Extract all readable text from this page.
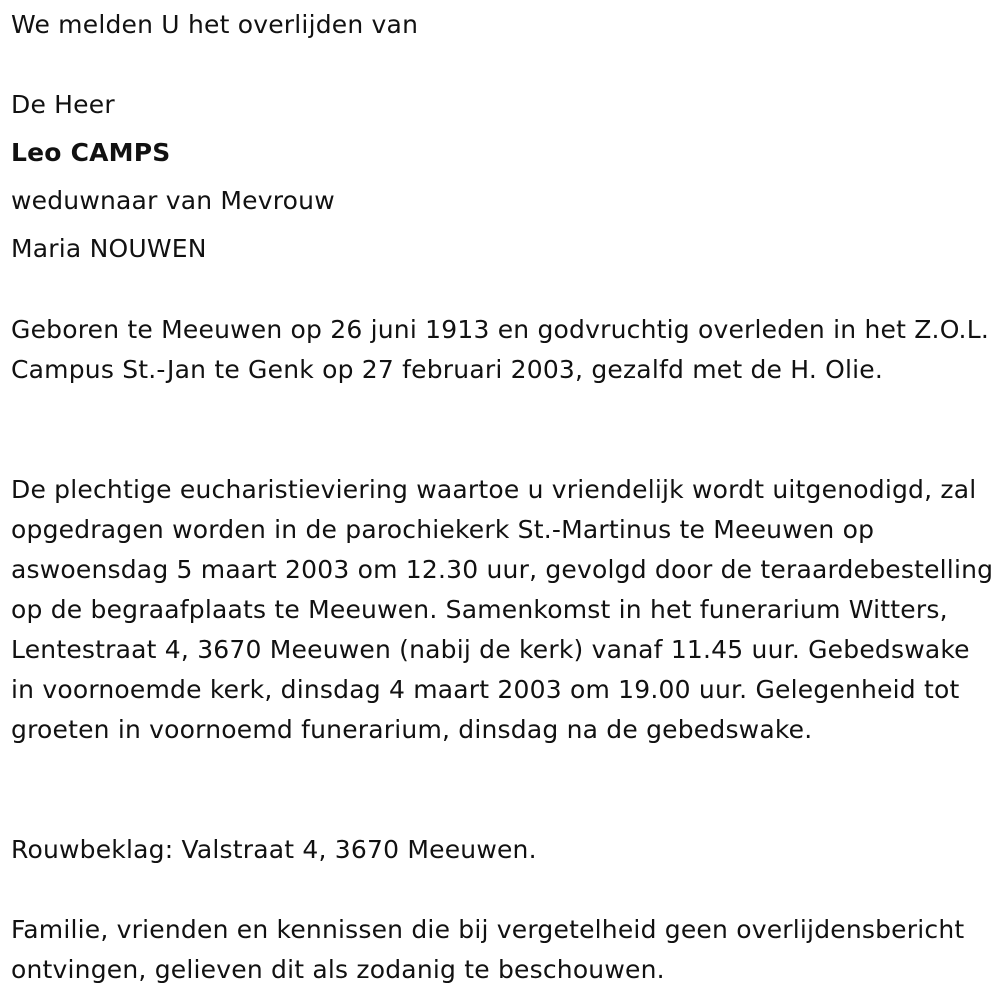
We melden U het overlijden van
De Heer
Leo CAMPS
weduwnaar van Mevrouw
Maria NOUWEN
Geboren te Meeuwen op 26 juni 1913 en godvruchtig overleden in het Z.O.L. Campus St.-Jan te Genk op 27 februari 2003, gezalfd met de H. Olie.
De plechtige eucharistieviering waartoe u vriendelijk wordt uitgenodigd, zal opgedragen worden in de parochiekerk St.-Martinus te Meeuwen op aswoensdag 5 maart 2003 om 12.30 uur, gevolgd door de teraardebestelling op de begraafplaats te Meeuwen. Samenkomst in het funerarium Witters, Lentestraat 4, 3670 Meeuwen (nabij de kerk) vanaf 11.45 uur. Gebedswake in voornoemde kerk, dinsdag 4 maart 2003 om 19.00 uur. Gelegenheid tot groeten in voornoemd funerarium, dinsdag na de gebedswake.
Rouwbeklag: Valstraat 4, 3670 Meeuwen.
Familie, vrienden en kennissen die bij vergetelheid geen overlijdensbericht ontvingen, gelieven dit als zodanig te beschouwen.
